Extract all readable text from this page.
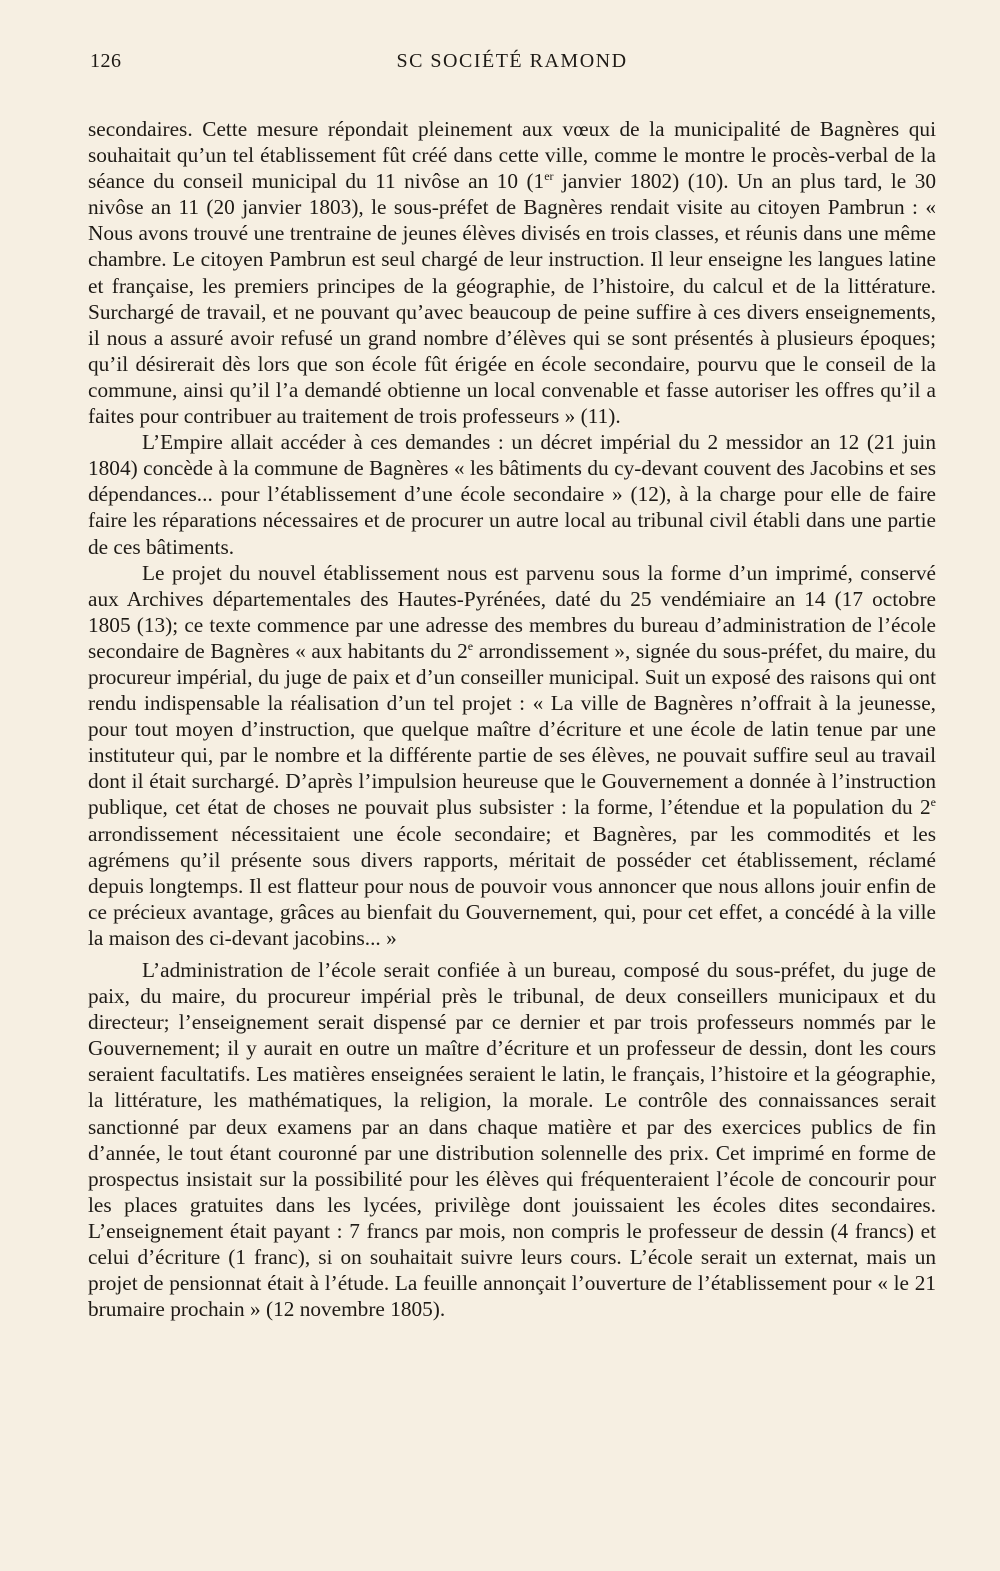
126	SC SOCIÉTÉ RAMOND

secondaires. Cette mesure répondait pleinement aux vœux de la municipalité de Bagnères qui souhaitait qu’un tel établissement fût créé dans cette ville, comme le montre le procès-verbal de la séance du conseil municipal du 11 nivôse an 10 (1er janvier 1802) (10). Un an plus tard, le 30 nivôse an 11 (20 janvier 1803), le sous-préfet de Bagnères rendait visite au citoyen Pambrun : « Nous avons trouvé une trentraine de jeunes élèves divisés en trois classes, et réunis dans une même chambre. Le citoyen Pambrun est seul chargé de leur instruction. Il leur enseigne les langues latine et française, les premiers principes de la géographie, de l’histoire, du calcul et de la littérature. Surchargé de travail, et ne pouvant qu’avec beaucoup de peine suffire à ces divers enseignements, il nous a assuré avoir refusé un grand nombre d’élèves qui se sont présentés à plusieurs époques; qu’il désirerait dès lors que son école fût érigée en école secondaire, pourvu que le conseil de la commune, ainsi qu’il l’a demandé obtienne un local convenable et fasse autoriser les offres qu’il a faites pour contribuer au traitement de trois professeurs » (11).

L’Empire allait accéder à ces demandes : un décret impérial du 2 messidor an 12 (21 juin 1804) concède à la commune de Bagnères « les bâtiments du cy-devant couvent des Jacobins et ses dépendances... pour l’établissement d’une école secondaire » (12), à la charge pour elle de faire faire les réparations nécessaires et de procurer un autre local au tribunal civil établi dans une partie de ces bâtiments.

Le projet du nouvel établissement nous est parvenu sous la forme d’un imprimé, conservé aux Archives départementales des Hautes-Pyrénées, daté du 25 vendémiaire an 14 (17 octobre 1805 (13); ce texte commence par une adresse des membres du bureau d’administration de l’école secondaire de Bagnères « aux habitants du 2e arrondissement », signée du sous-préfet, du maire, du procureur impérial, du juge de paix et d’un conseiller municipal. Suit un exposé des raisons qui ont rendu indispensable la réalisation d’un tel projet : « La ville de Bagnères n’offrait à la jeunesse, pour tout moyen d’instruction, que quelque maître d’écriture et une école de latin tenue par une instituteur qui, par le nombre et la différente partie de ses élèves, ne pouvait suffire seul au travail dont il était surchargé. D’après l’impulsion heureuse que le Gouvernement a donnée à l’instruction publique, cet état de choses ne pouvait plus subsister : la forme, l’étendue et la population du 2e arrondissement nécessitaient une école secondaire; et Bagnères, par les commodités et les agrémens qu’il présente sous divers rapports, méritait de posséder cet établissement, réclamé depuis longtemps. Il est flatteur pour nous de pouvoir vous annoncer que nous allons jouir enfin de ce précieux avantage, grâces au bienfait du Gouvernement, qui, pour cet effet, a concédé à la ville la maison des ci-devant jacobins... »

L’administration de l’école serait confiée à un bureau, composé du sous-préfet, du juge de paix, du maire, du procureur impérial près le tribunal, de deux conseillers municipaux et du directeur; l’enseignement serait dispensé par ce dernier et par trois professeurs nommés par le Gouvernement; il y aurait en outre un maître d’écriture et un professeur de dessin, dont les cours seraient facultatifs. Les matières enseignées seraient le latin, le français, l’histoire et la géographie, la littérature, les mathématiques, la religion, la morale. Le contrôle des connaissances serait sanctionné par deux examens par an dans chaque matière et par des exercices publics de fin d’année, le tout étant couronné par une distribution solennelle des prix. Cet imprimé en forme de prospectus insistait sur la possibilité pour les élèves qui fréquenteraient l’école de concourir pour les places gratuites dans les lycées, privilège dont jouissaient les écoles dites secondaires. L’enseignement était payant : 7 francs par mois, non compris le professeur de dessin (4 francs) et celui d’écriture (1 franc), si on souhaitait suivre leurs cours. L’école serait un externat, mais un projet de pensionnat était à l’étude. La feuille annonçait l’ouverture de l’établissement pour « le 21 brumaire prochain » (12 novembre 1805).
